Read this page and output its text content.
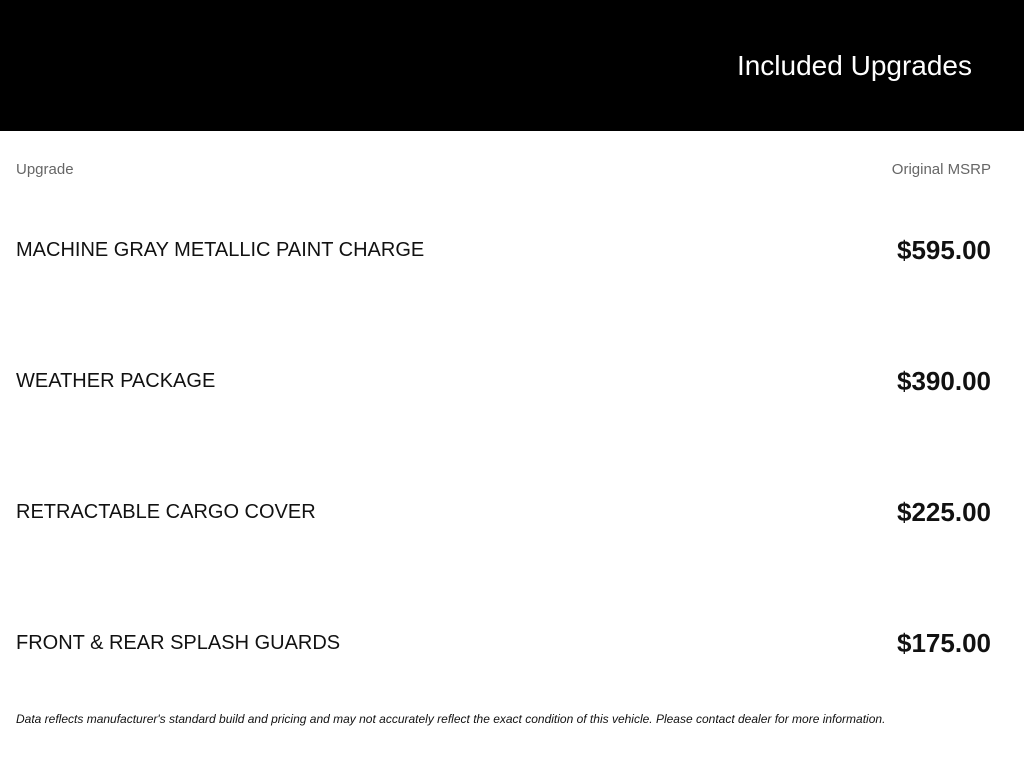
Included Upgrades
Upgrade	Original MSRP
MACHINE GRAY METALLIC PAINT CHARGE	$595.00
WEATHER PACKAGE	$390.00
RETRACTABLE CARGO COVER	$225.00
FRONT & REAR SPLASH GUARDS	$175.00
Data reflects manufacturer's standard build and pricing and may not accurately reflect the exact condition of this vehicle. Please contact dealer for more information.
